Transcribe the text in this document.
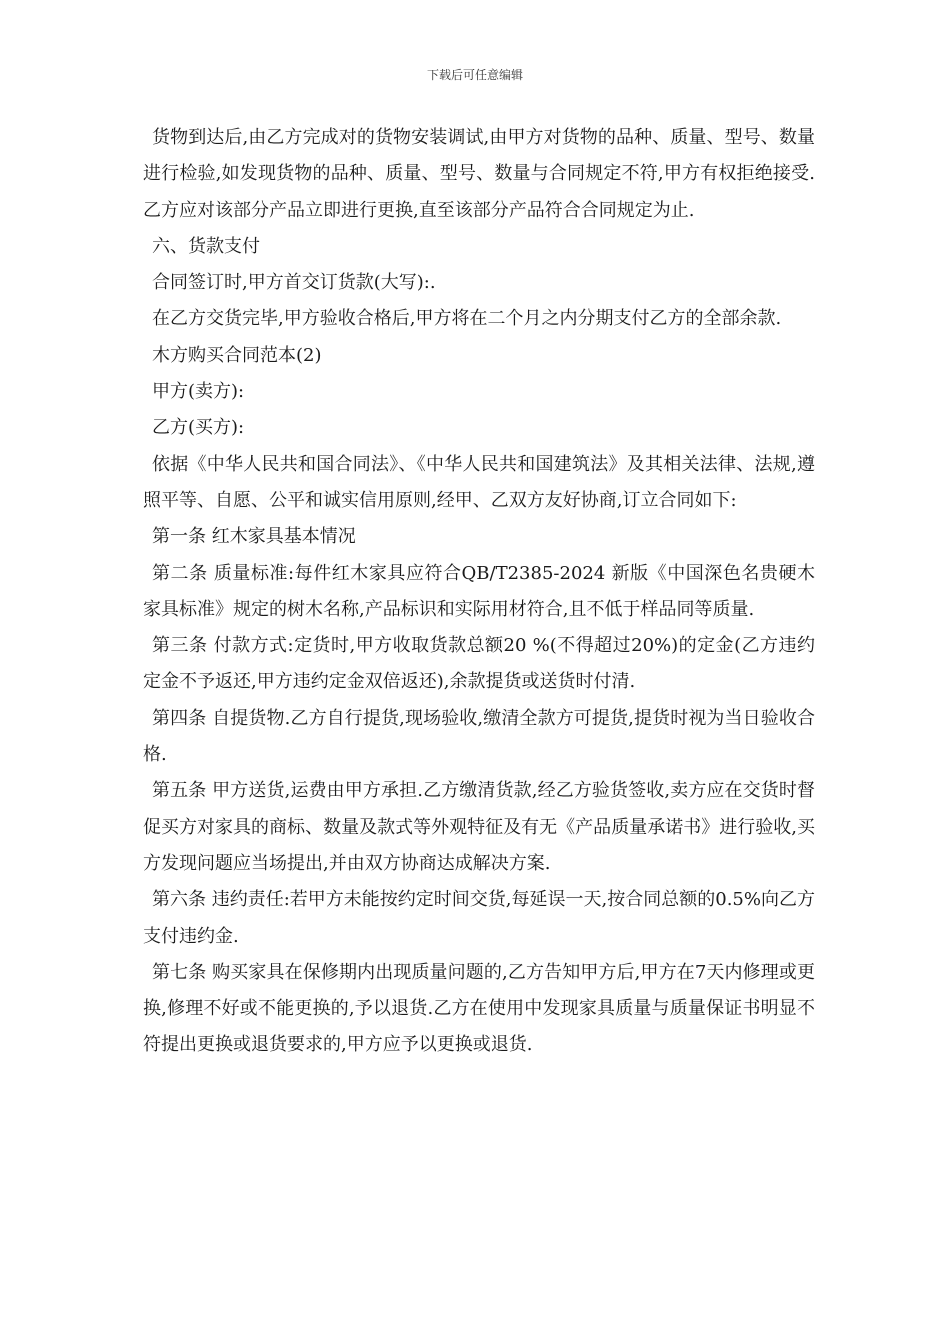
下载后可任意编辑

货物到达后,由乙方完成对的货物安装调试,由甲方对货物的品种、质量、型号、数量进行检验,如发现货物的品种、质量、型号、数量与合同规定不符,甲方有权拒绝接受.乙方应对该部分产品立即进行更换,直至该部分产品符合合同规定为止.

六、货款支付

合同签订时,甲方首交订货款(大写):.

在乙方交货完毕,甲方验收合格后,甲方将在二个月之内分期支付乙方的全部余款.

木方购买合同范本(2)

甲方(卖方):

乙方(买方):

依据《中华人民共和国合同法》、《中华人民共和国建筑法》及其相关法律、法规,遵照平等、自愿、公平和诚实信用原则,经甲、乙双方友好协商,订立合同如下:

第一条 红木家具基本情况

第二条 质量标准:每件红木家具应符合QB/T2385-2024 新版《中国深色名贵硬木家具标准》规定的树木名称,产品标识和实际用材符合,且不低于样品同等质量.

第三条 付款方式:定货时,甲方收取货款总额20 %(不得超过20%)的定金(乙方违约定金不予返还,甲方违约定金双倍返还),余款提货或送货时付清.

第四条 自提货物.乙方自行提货,现场验收,缴清全款方可提货,提货时视为当日验收合格.

第五条 甲方送货,运费由甲方承担.乙方缴清货款,经乙方验货签收,卖方应在交货时督促买方对家具的商标、数量及款式等外观特征及有无《产品质量承诺书》进行验收,买方发现问题应当场提出,并由双方协商达成解决方案.

第六条 违约责任:若甲方未能按约定时间交货,每延误一天,按合同总额的0.5%向乙方支付违约金.

第七条 购买家具在保修期内出现质量问题的,乙方告知甲方后,甲方在7天内修理或更换,修理不好或不能更换的,予以退货.乙方在使用中发现家具质量与质量保证书明显不符提出更换或退货要求的,甲方应予以更换或退货.
